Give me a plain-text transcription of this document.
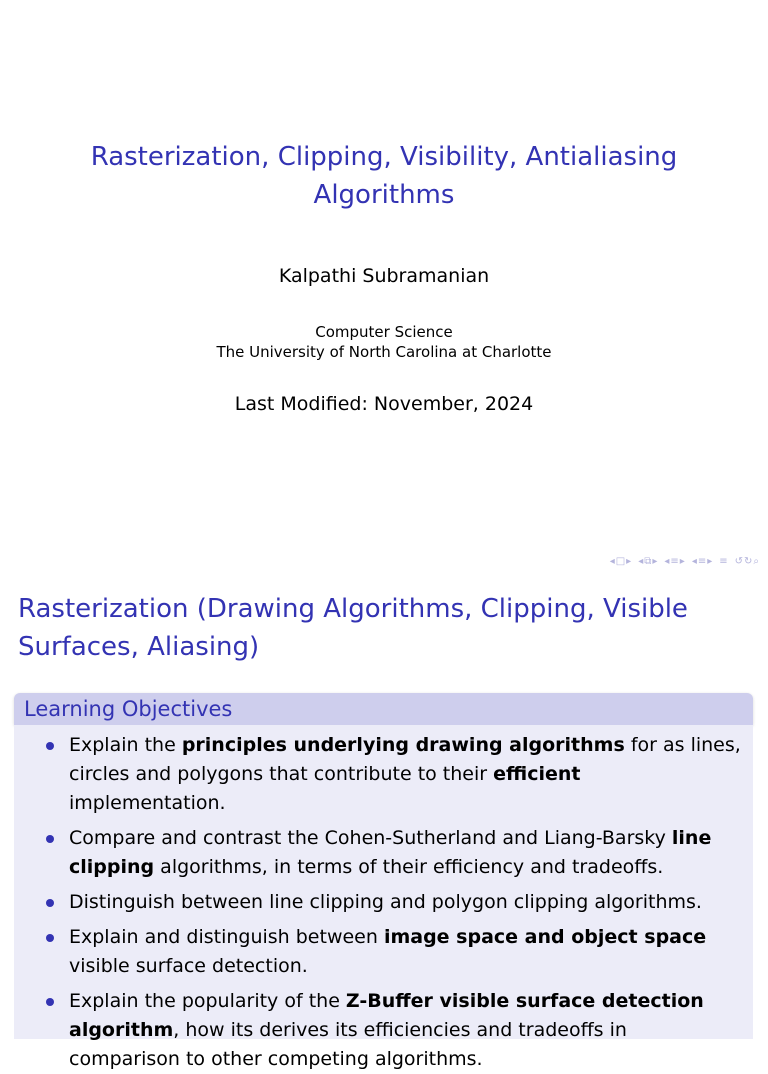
Rasterization, Clipping, Visibility, Antialiasing Algorithms
Kalpathi Subramanian
Computer Science
The University of North Carolina at Charlotte
Last Modified: November, 2024
◂□▸ ◂⧉▸ ◂≡▸ ◂≡▸ ≡ ↺↻⌕
Rasterization (Drawing Algorithms, Clipping, Visible Surfaces, Aliasing)
Learning Objectives
Explain the principles underlying drawing algorithms for as lines, circles and polygons that contribute to their efficient implementation.
Compare and contrast the Cohen-Sutherland and Liang-Barsky line clipping algorithms, in terms of their efficiency and tradeoffs.
Distinguish between line clipping and polygon clipping algorithms.
Explain and distinguish between image space and object space visible surface detection.
Explain the popularity of the Z-Buffer visible surface detection algorithm, how its derives its efficiencies and tradeoffs in comparison to other competing algorithms.
